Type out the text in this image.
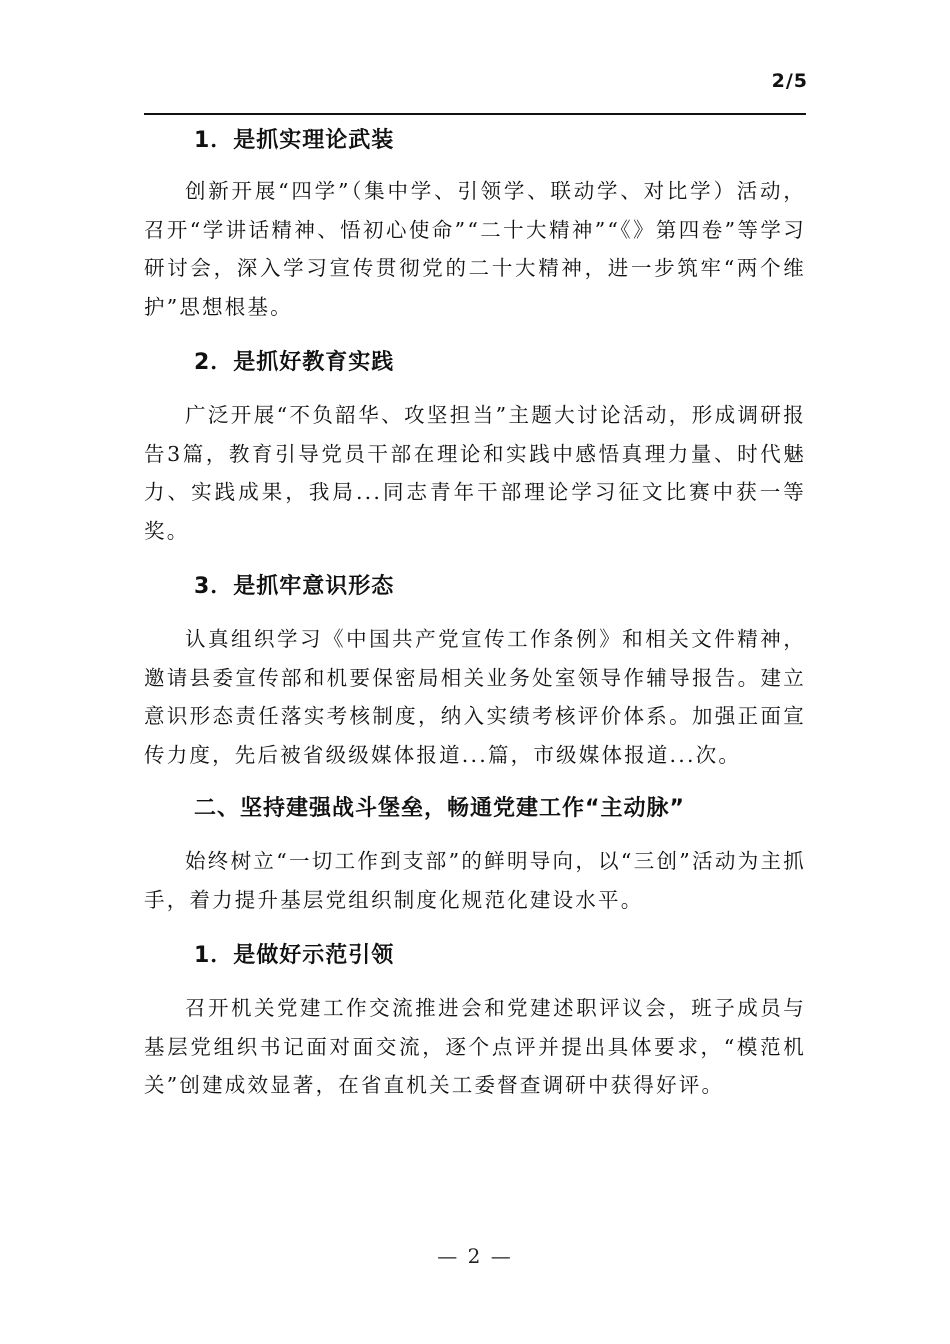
2/5
1．是抓实理论武装

创新开展“四学”（集中学、引领学、联动学、对比学）活动，召开“学讲话精神、悟初心使命”“二十大精神”“《》第四卷”等学习研讨会，深入学习宣传贯彻党的二十大精神，进一步筑牢“两个维护”思想根基。

2．是抓好教育实践

广泛开展“不负韶华、攻坚担当”主题大讨论活动，形成调研报告3篇，教育引导党员干部在理论和实践中感悟真理力量、时代魅力、实践成果，我局...同志青年干部理论学习征文比赛中获一等奖。

3．是抓牢意识形态

认真组织学习《中国共产党宣传工作条例》和相关文件精神，邀请县委宣传部和机要保密局相关业务处室领导作辅导报告。建立意识形态责任落实考核制度，纳入实绩考核评价体系。加强正面宣传力度，先后被省级级媒体报道...篇，市级媒体报道...次。

二、坚持建强战斗堡垒，畅通党建工作“主动脉”

始终树立“一切工作到支部”的鲜明导向，以“三创”活动为主抓手，着力提升基层党组织制度化规范化建设水平。

1．是做好示范引领

召开机关党建工作交流推进会和党建述职评议会，班子成员与基层党组织书记面对面交流，逐个点评并提出具体要求，“模范机关”创建成效显著，在省直机关工委督查调研中获得好评。

— 2 —
